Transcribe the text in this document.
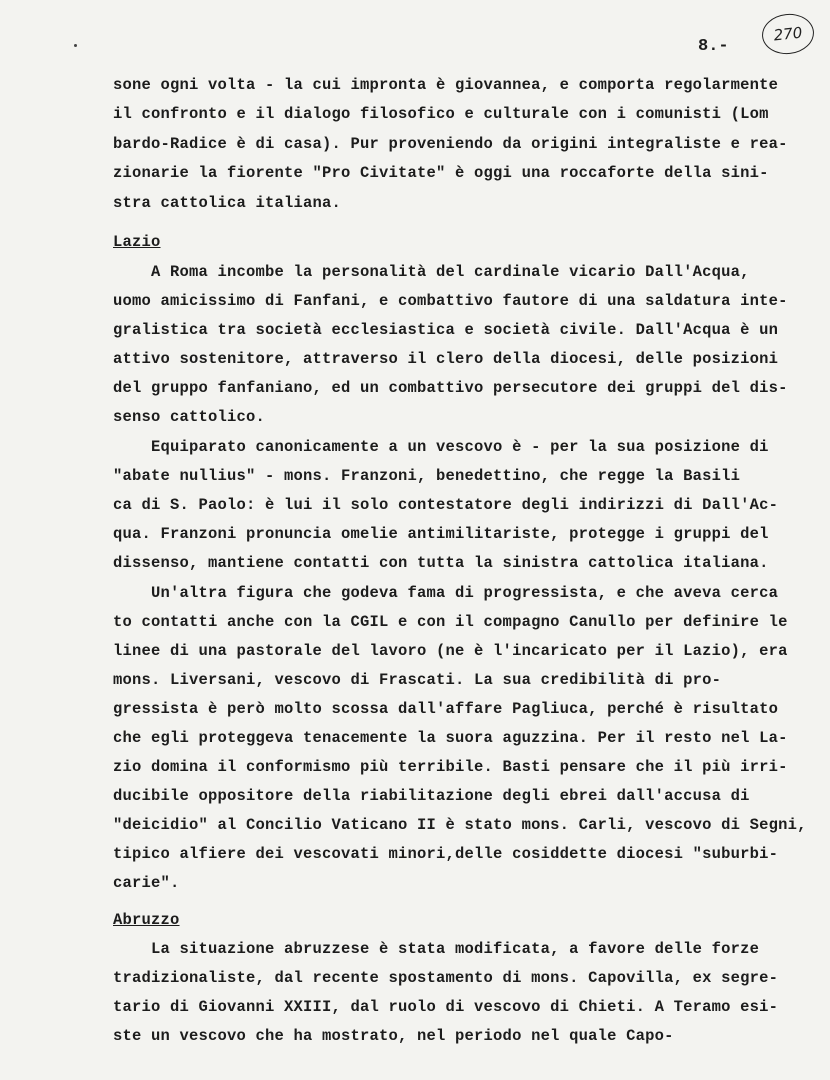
270
8.-
sone ogni volta - la cui impronta è giovannea, e comporta regolarmente
il confronto e il dialogo filosofico e culturale con i comunisti (Lom
bardo-Radice è di casa). Pur proveniendo da origini integraliste e rea-
zionarie la fiorente "Pro Civitate" è oggi una roccaforte della sini-
stra cattolica italiana.
Lazio
A Roma incombe la personalità del cardinale vicario Dall'Acqua,
uomo amicissimo di Fanfani, e combattivo fautore di una saldatura inte-
gralistica tra società ecclesiastica e società civile. Dall'Acqua è un
attivo sostenitore, attraverso il clero della diocesi, delle posizioni
del gruppo fanfaniano, ed un combattivo persecutore dei gruppi del dis-
senso cattolico.
Equiparato canonicamente a un vescovo è - per la sua posizione di
"abate nullius" - mons. Franzoni, benedettino, che regge la Basili
ca di S. Paolo: è lui il solo contestatore degli indirizzi di Dall'Ac-
qua. Franzoni pronuncia omelie antimilitariste, protegge i gruppi del
dissenso, mantiene contatti con tutta la sinistra cattolica italiana.
Un'altra figura che godeva fama di progressista, e che aveva cerca
to contatti anche con la CGIL e con il compagno Canullo per definire le
linee di una pastorale del lavoro (ne è l'incaricato per il Lazio), era
mons. Liversani, vescovo di Frascati. La sua credibilità di pro-
gressista è però molto scossa dall'affare Pagliuca, perché è risultato
che egli proteggeva tenacemente la suora aguzzina. Per il resto nel La-
zio domina il conformismo più terribile. Basti pensare che il più irri-
ducibile oppositore della riabilitazione degli ebrei dall'accusa di
"deicidio" al Concilio Vaticano II è stato mons. Carli, vescovo di Segni,
tipico alfiere dei vescovati minori,delle cosiddette diocesi "suburbi-
carie".
Abruzzo
La situazione abruzzese è stata modificata, a favore delle forze
tradizionaliste, dal recente spostamento di mons. Capovilla, ex segre-
tario di Giovanni XXIII, dal ruolo di vescovo di Chieti. A Teramo esi-
ste un vescovo che ha mostrato, nel periodo nel quale Capo-
